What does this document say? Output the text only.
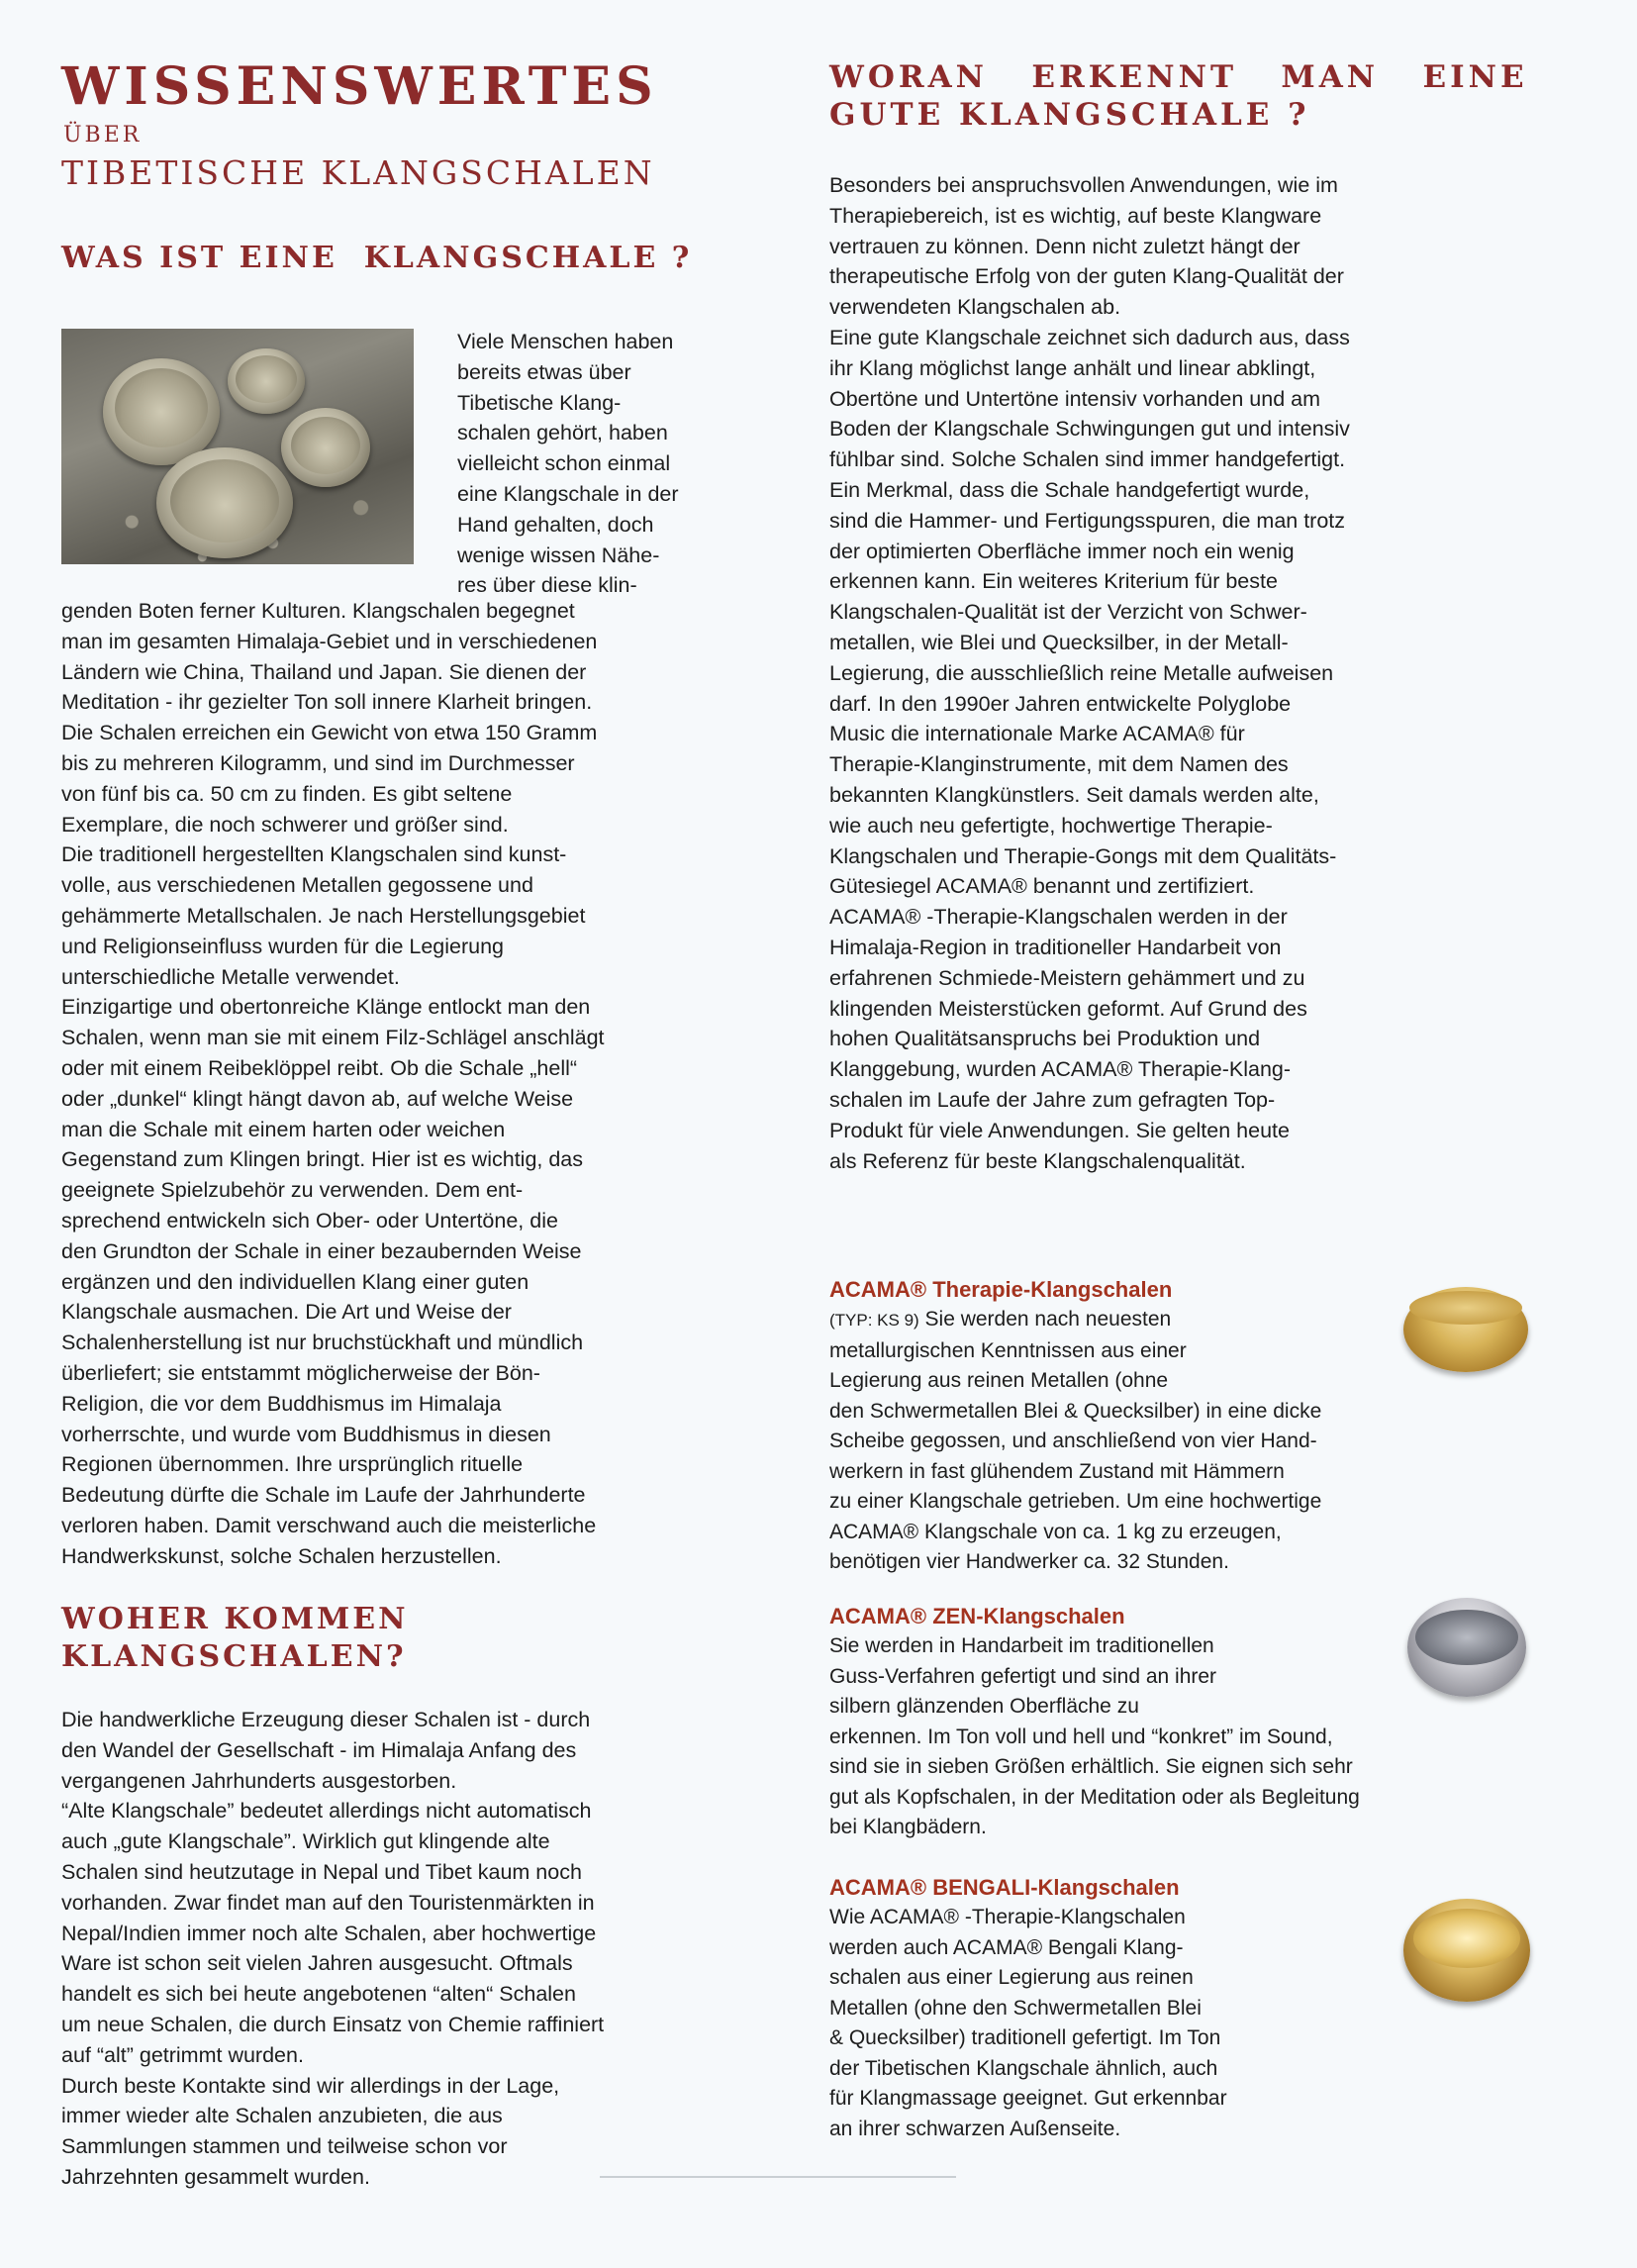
WISSENSWERTES
ÜBER
TIBETISCHE KLANGSCHALEN
WAS IST EINE  KLANGSCHALE ?

Viele Menschen haben
bereits etwas über
Tibetische Klang-
schalen gehört, haben
vielleicht schon einmal
eine Klangschale in der
Hand gehalten, doch
wenige wissen Nähe-
res über diese klin-

genden Boten ferner Kulturen. Klangschalen begegnet
man im gesamten Himalaja-Gebiet und in verschiedenen
Ländern wie China, Thailand und Japan. Sie dienen der
Meditation - ihr gezielter Ton soll innere Klarheit bringen.
Die Schalen erreichen ein Gewicht von etwa 150 Gramm
bis zu mehreren Kilogramm, und sind im Durchmesser
von fünf bis ca. 50 cm zu finden. Es gibt seltene
Exemplare, die noch schwerer und größer sind.
Die traditionell hergestellten Klangschalen sind kunst-
volle, aus verschiedenen Metallen gegossene und
gehämmerte Metallschalen. Je nach Herstellungsgebiet
und Religionseinfluss wurden für die Legierung
unterschiedliche Metalle verwendet.
Einzigartige und obertonreiche Klänge entlockt man den
Schalen, wenn man sie mit einem Filz-Schlägel anschlägt
oder mit einem Reibeklöppel reibt. Ob die Schale „hell“
oder „dunkel“ klingt hängt davon ab, auf welche Weise
man die Schale mit einem harten oder weichen
Gegenstand zum Klingen bringt. Hier ist es wichtig, das
geeignete Spielzubehör zu verwenden. Dem ent-
sprechend entwickeln sich Ober- oder Untertöne, die
den Grundton der Schale in einer bezaubernden Weise
ergänzen und den individuellen Klang einer guten
Klangschale ausmachen. Die Art und Weise der
Schalenherstellung ist nur bruchstückhaft und mündlich
überliefert; sie entstammt möglicherweise der Bön-
Religion, die vor dem Buddhismus im Himalaja
vorherrschte, und wurde vom Buddhismus in diesen
Regionen übernommen. Ihre ursprünglich rituelle
Bedeutung dürfte die Schale im Laufe der Jahrhunderte
verloren haben. Damit verschwand auch die meisterliche
Handwerkskunst, solche Schalen herzustellen.

WOHER KOMMEN
KLANGSCHALEN?

Die handwerkliche Erzeugung dieser Schalen ist - durch
den Wandel der Gesellschaft - im Himalaja Anfang des
vergangenen Jahrhunderts ausgestorben.
“Alte Klangschale” bedeutet allerdings nicht automatisch
auch „gute Klangschale”. Wirklich gut klingende alte
Schalen sind heutzutage in Nepal und Tibet kaum noch
vorhanden. Zwar findet man auf den Touristenmärkten in
Nepal/Indien immer noch alte Schalen, aber hochwertige
Ware ist schon seit vielen Jahren ausgesucht. Oftmals
handelt es sich bei heute angebotenen “alten“ Schalen
um neue Schalen, die durch Einsatz von Chemie raffiniert
auf “alt” getrimmt wurden.
Durch beste Kontakte sind wir allerdings in der Lage,
immer wieder alte Schalen anzubieten, die aus
Sammlungen stammen und teilweise schon vor
Jahrzehnten gesammelt wurden.

WORAN   ERKENNT   MAN   EINE
GUTE KLANGSCHALE ?

Besonders bei anspruchsvollen Anwendungen, wie im
Therapiebereich, ist es wichtig, auf beste Klangware
vertrauen zu können. Denn nicht zuletzt hängt der
therapeutische Erfolg von der guten Klang-Qualität der
verwendeten Klangschalen ab.
Eine gute Klangschale zeichnet sich dadurch aus, dass
ihr Klang möglichst lange anhält und linear abklingt,
Obertöne und Untertöne intensiv vorhanden und am
Boden der Klangschale Schwingungen gut und intensiv
fühlbar sind. Solche Schalen sind immer handgefertigt.
Ein Merkmal, dass die Schale handgefertigt wurde,
sind die Hammer- und Fertigungsspuren, die man trotz
der optimierten Oberfläche immer noch ein wenig
erkennen kann. Ein weiteres Kriterium für beste
Klangschalen-Qualität ist der Verzicht von Schwer-
metallen, wie Blei und Quecksilber, in der Metall-
Legierung, die ausschließlich reine Metalle aufweisen
darf. In den 1990er Jahren entwickelte Polyglobe
Music die internationale Marke ACAMA® für
Therapie-Klanginstrumente, mit dem Namen des
bekannten Klangkünstlers. Seit damals werden alte,
wie auch neu gefertigte, hochwertige Therapie-
Klangschalen und Therapie-Gongs mit dem Qualitäts-
Gütesiegel ACAMA® benannt und zertifiziert.
ACAMA® -Therapie-Klangschalen werden in der
Himalaja-Region in traditioneller Handarbeit von
erfahrenen Schmiede-Meistern gehämmert und zu
klingenden Meisterstücken geformt. Auf Grund des
hohen Qualitätsanspruchs bei Produktion und
Klanggebung, wurden ACAMA® Therapie-Klang-
schalen im Laufe der Jahre zum gefragten Top-
Produkt für viele Anwendungen. Sie gelten heute
als Referenz für beste Klangschalenqualität.

ACAMA® Therapie-Klangschalen

(TYP: KS 9) Sie werden nach neuesten
metallurgischen Kenntnissen aus einer
Legierung aus reinen Metallen (ohne
den Schwermetallen Blei & Quecksilber) in eine dicke
Scheibe gegossen, und anschließend von vier Hand-
werkern in fast glühendem Zustand mit Hämmern
zu einer Klangschale getrieben. Um eine hochwertige
ACAMA® Klangschale von ca. 1 kg zu erzeugen,
benötigen vier Handwerker ca. 32 Stunden.

ACAMA® ZEN-Klangschalen

Sie werden in Handarbeit im traditionellen
Guss-Verfahren gefertigt und sind an ihrer
silbern glänzenden Oberfläche zu
erkennen. Im Ton voll und hell und “konkret” im Sound,
sind sie in sieben Größen erhältlich. Sie eignen sich sehr
gut als Kopfschalen, in der Meditation oder als Begleitung
bei Klangbädern.

ACAMA® BENGALI-Klangschalen

Wie ACAMA® -Therapie-Klangschalen
werden auch ACAMA® Bengali Klang-
schalen aus einer Legierung aus reinen
Metallen (ohne den Schwermetallen Blei
& Quecksilber) traditionell gefertigt. Im Ton
der Tibetischen Klangschale ähnlich, auch
für Klangmassage geeignet. Gut erkennbar
an ihrer schwarzen Außenseite.
